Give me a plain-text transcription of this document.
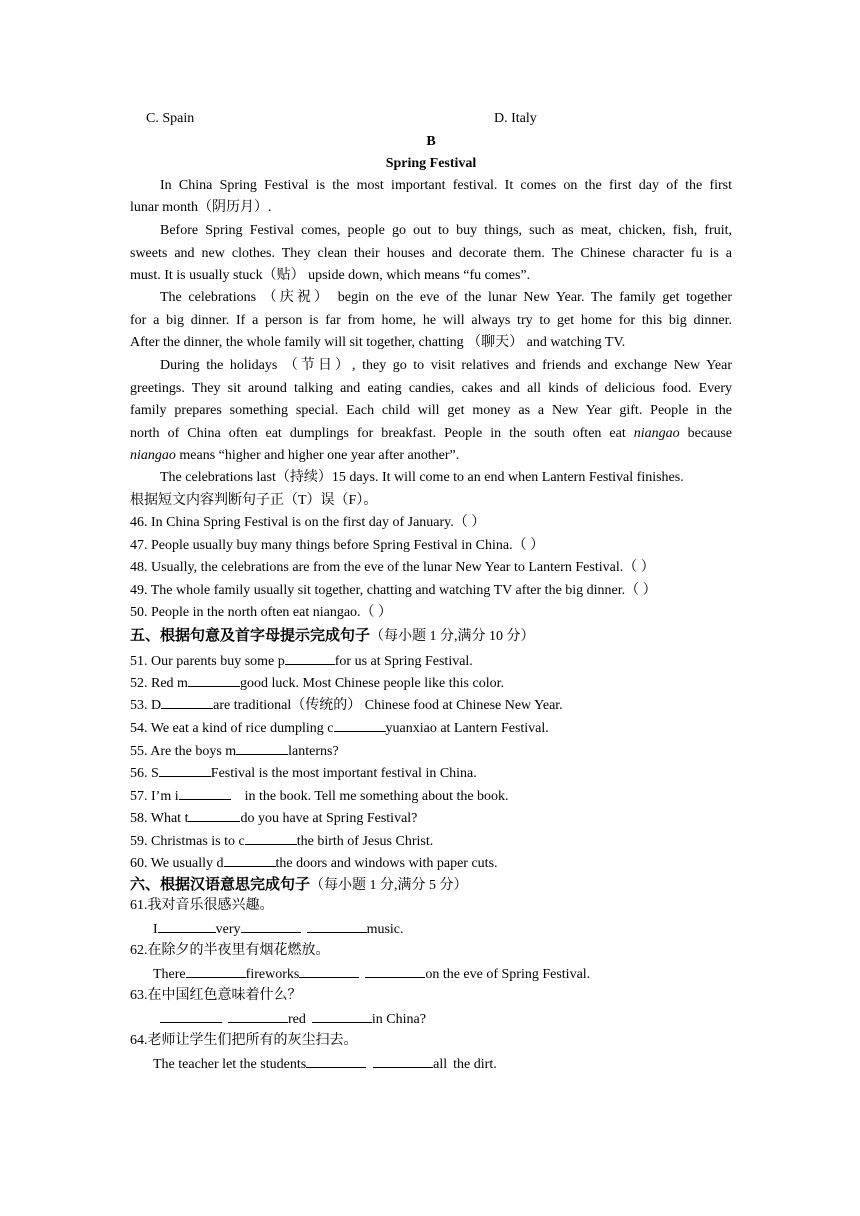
C. Spain	D. Italy
B
Spring Festival
In China Spring Festival is the most important festival. It comes on the first day of the first
lunar month（阴历月）.
Before Spring Festival comes, people go out to buy things, such as meat, chicken, fish, fruit,
sweets and new clothes. They clean their houses and decorate them. The Chinese character fu is a
must. It is usually stuck（贴） upside down, which means “fu comes”.
The celebrations （庆祝） begin on the eve of the lunar New Year. The family get together
for a big dinner. If a person is far from home, he will always try to get home for this big dinner.
After the dinner, the whole family will sit together, chatting （聊天） and watching TV.
During the holidays （节日）, they go to visit relatives and friends and exchange New Year
greetings. They sit around talking and eating candies, cakes and all kinds of delicious food. Every
family prepares something special. Each child will get money as a New Year gift. People in the
north of China often eat dumplings for breakfast. People in the south often eat niangao because
niangao means “higher and higher one year after another”.
The celebrations last（持续）15 days. It will come to an end when Lantern Festival finishes.
根据短文内容判断句子正（T）误（F）。
46. In China Spring Festival is on the first day of January.（ ）
47. People usually buy many things before Spring Festival in China.（ ）
48. Usually, the celebrations are from the eve of the lunar New Year to Lantern Festival.（ ）
49. The whole family usually sit together, chatting and watching TV after the big dinner.（ ）
50. People in the north often eat niangao.（ ）
五、根据句意及首字母提示完成句子（每小题 1 分,满分 10 分）
51. Our parents buy some p	for us at Spring Festival.
52. Red m	good luck. Most Chinese people like this color.
53. D	are traditional（传统的） Chinese food at Chinese New Year.
54. We eat a kind of rice dumpling c	yuanxiao at Lantern Festival.
55. Are the boys m	lanterns?
56. S	Festival is the most important festival in China.
57. I’m i	in the book. Tell me something about the book.
58. What t	do you have at Spring Festival?
59. Christmas is to c	the birth of Jesus Christ.
60. We usually d	the doors and windows with paper cuts.
六、根据汉语意思完成句子（每小题 1 分,满分 5 分）
61.我对音乐很感兴趣。
I	very	music.
62.在除夕的半夜里有烟花燃放。
There	fireworks	on the eve of Spring Festival.
63.在中国红色意味着什么？
red	in China?
64.老师让学生们把所有的灰尘扫去。
The teacher let the students	all the dirt.
